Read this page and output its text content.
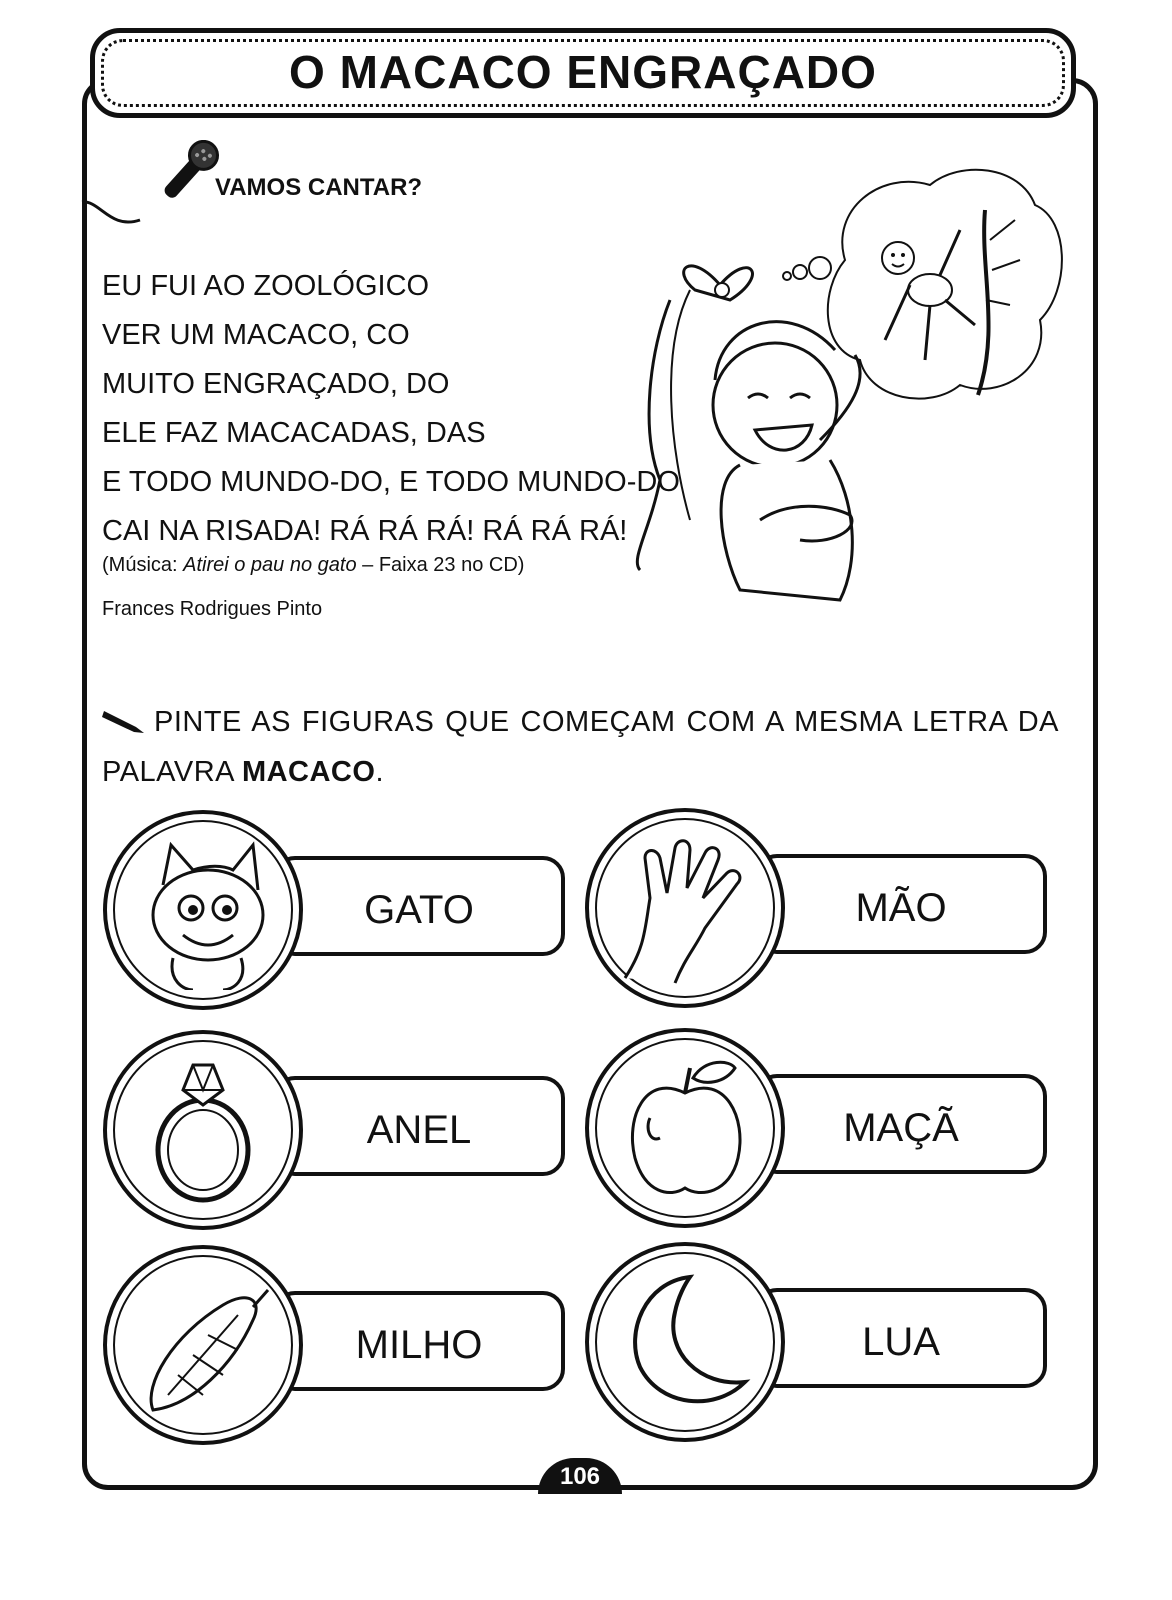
O MACACO ENGRAÇADO
VAMOS CANTAR?
EU FUI AO ZOOLÓGICO
VER UM MACACO, CO
MUITO ENGRAÇADO, DO
ELE FAZ MACACADAS, DAS
E TODO MUNDO-DO, E TODO MUNDO-DO
CAI NA RISADA! RÁ RÁ RÁ! RÁ RÁ RÁ!
(Música: Atirei o pau no gato – Faixa 23 no CD)
Frances Rodrigues Pinto
PINTE AS FIGURAS QUE COMEÇAM COM A MESMA LETRA DA
PALAVRA MACACO.
GATO	MÃO
ANEL	MAÇÃ
MILHO	LUA
106
